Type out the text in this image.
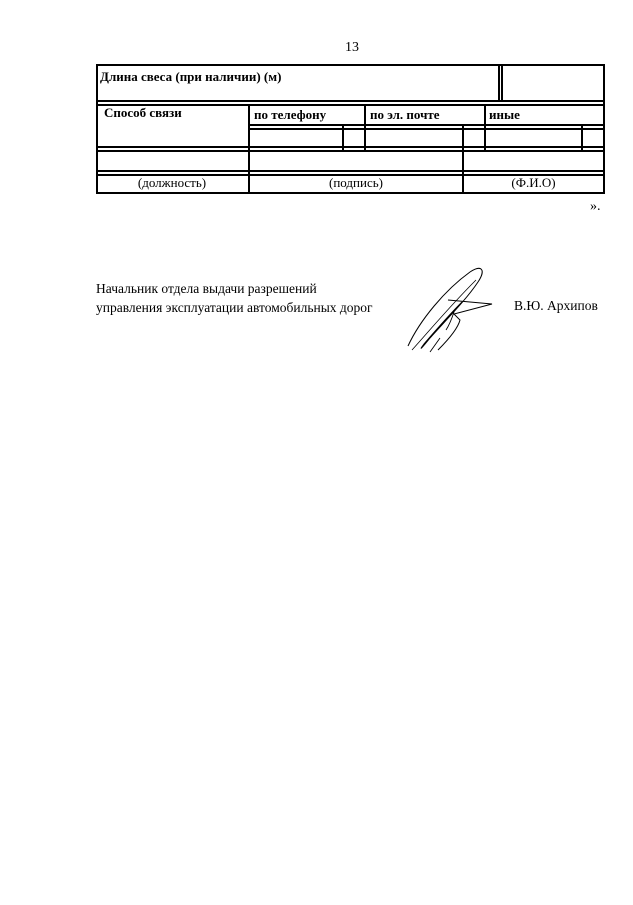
13
Длина свеса (при наличии) (м)
Способ связи	по телефону	по эл. почте	иные
(должность)	(подпись)	(Ф.И.О)
».
Начальник отдела выдачи разрешений
управления эксплуатации автомобильных дорог	В.Ю. Архипов
